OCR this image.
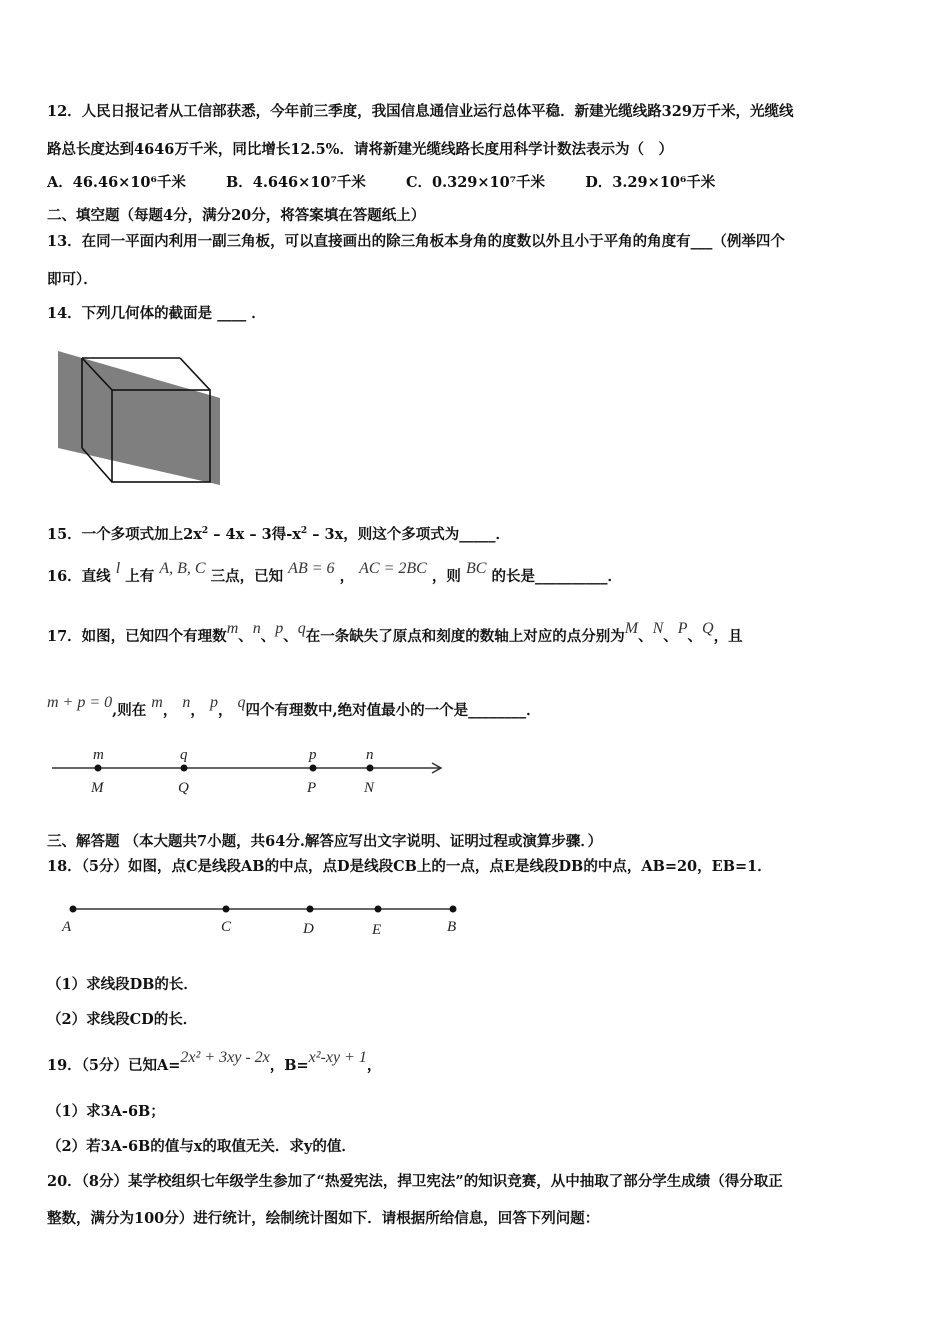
12．人民日报记者从工信部获悉，今年前三季度，我国信息通信业运行总体平稳．新建光缆线路329万千米，光缆线
路总长度达到4646万千米，同比增长12.5%．请将新建光缆线路长度用科学计数法表示为（　）
A．46.46×10⁶千米	B．4.646×10⁷千米	C．0.329×10⁷千米	D．3.29×10⁶千米
二、填空题（每题4分，满分20分，将答案填在答题纸上）
13．在同一平面内利用一副三角板，可以直接画出的除三角板本身角的度数以外且小于平角的角度有___（例举四个
即可）．
14．下列几何体的截面是 ____ ．
15．一个多项式加上$2x^2 - 4x - 3$得$-x^2 - 3x$，则这个多项式为_____．
16．直线 l 上有 A, B, C 三点，已知 AB = 6 ， AC = 2BC ，则 BC 的长是__________．
17．如图，已知四个有理数m、n、p、q在一条缺失了原点和刻度的数轴上对应的点分别为M、N、P、Q，且
m + p = 0,则在 m， n， p， q四个有理数中,绝对值最小的一个是________．
m	q	p	n
M	Q	P	N
三、解答题 （本大题共7小题，共64分.解答应写出文字说明、证明过程或演算步骤．）
18．（5分）如图，点C是线段AB的中点，点D是线段CB上的一点，点E是线段DB的中点，AB=20，EB=1．
A	C	D	E	B
（1）求线段DB的长．
（2）求线段CD的长．
19．（5分）已知A=2x² + 3xy - 2x，B=x²-xy + 1，
（1）求3A-6B；
（2）若3A-6B的值与x的取值无关．求y的值．
20．（8分）某学校组织七年级学生参加了“热爱宪法，捍卫宪法”的知识竞赛，从中抽取了部分学生成绩（得分取正
整数，满分为100分）进行统计，绘制统计图如下．请根据所给信息，回答下列问题：
